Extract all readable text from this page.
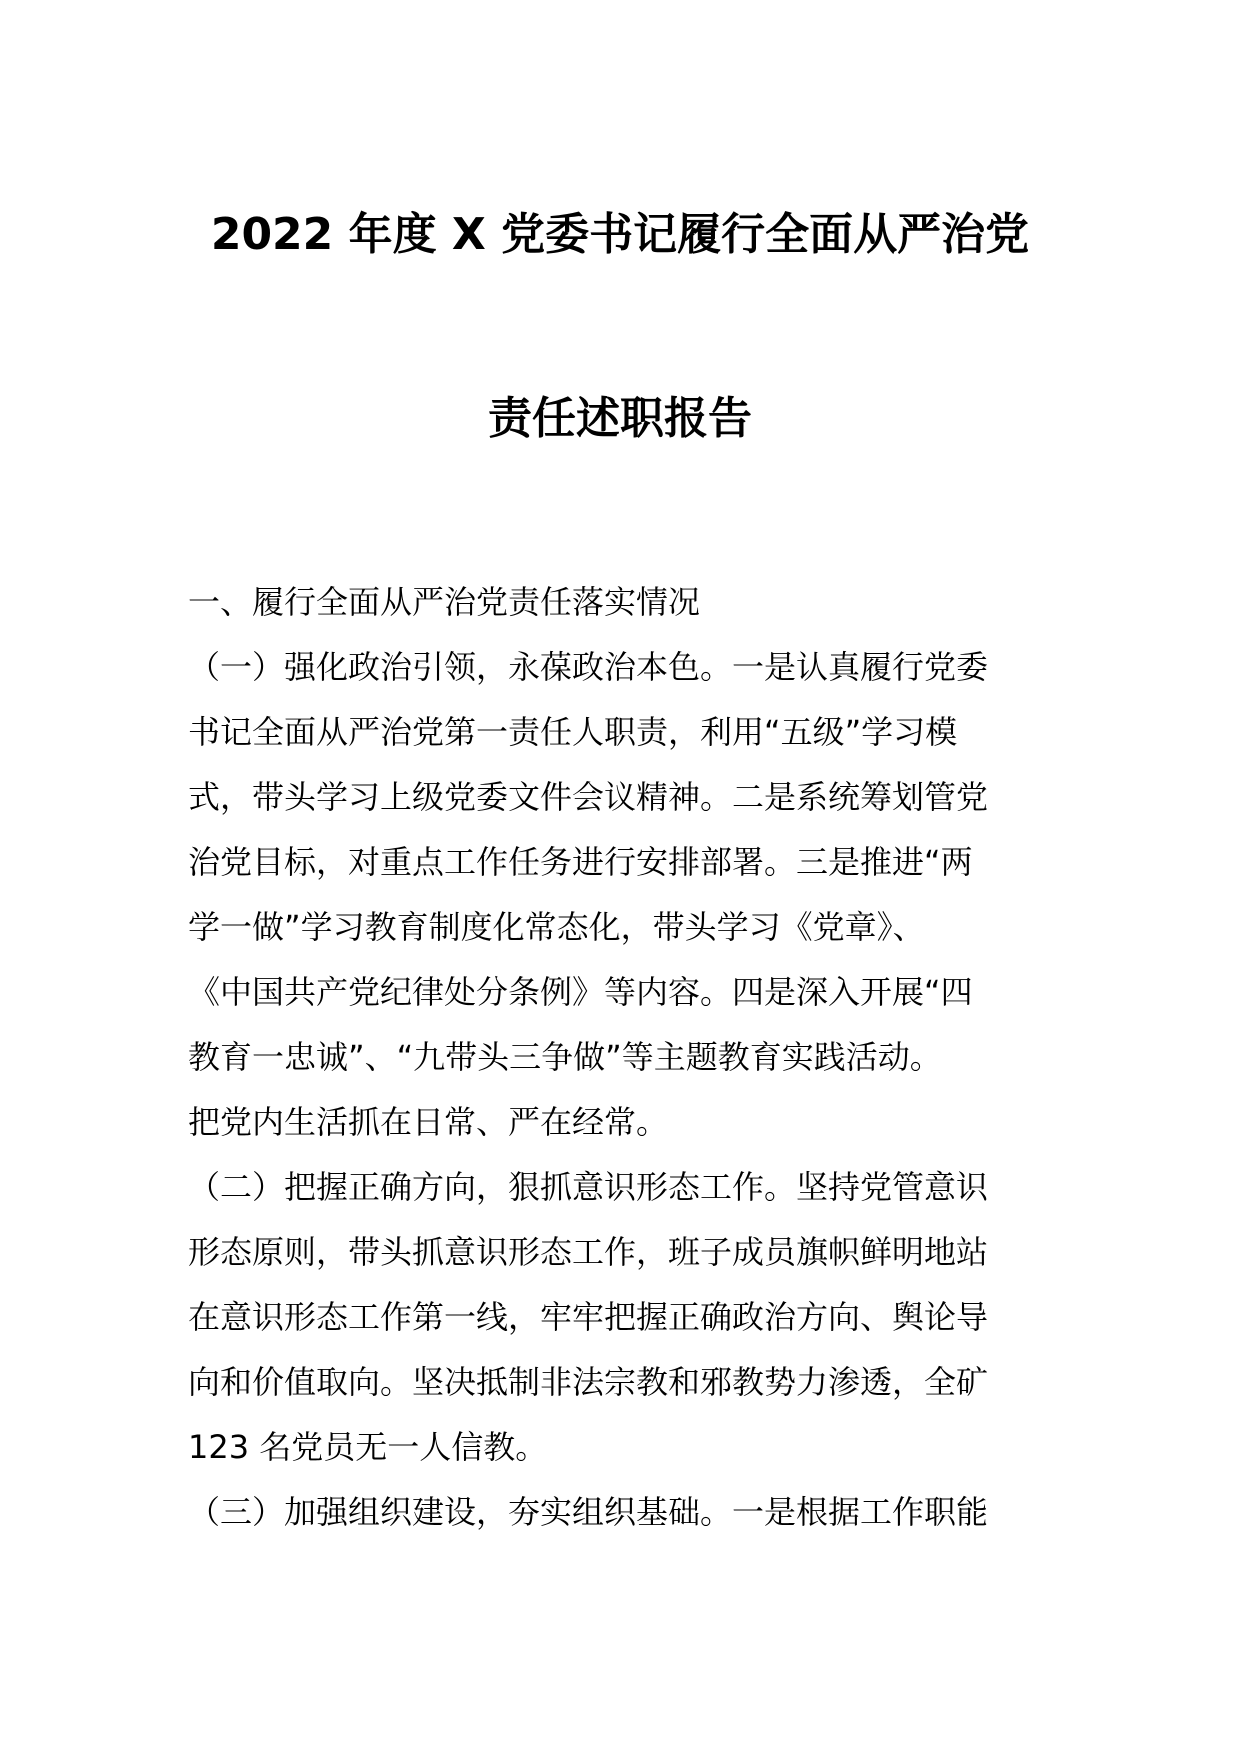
2022 年度 X 党委书记履行全面从严治党
责任述职报告
一、履行全面从严治党责任落实情况
（一）强化政治引领，永葆政治本色。一是认真履行党委
书记全面从严治党第一责任人职责，利用“五级”学习模
式，带头学习上级党委文件会议精神。二是系统筹划管党
治党目标，对重点工作任务进行安排部署。三是推进“两
学一做”学习教育制度化常态化，带头学习《党章》、
《中国共产党纪律处分条例》等内容。四是深入开展“四
教育一忠诚”、“九带头三争做”等主题教育实践活动。
把党内生活抓在日常、严在经常。
（二）把握正确方向，狠抓意识形态工作。坚持党管意识
形态原则，带头抓意识形态工作，班子成员旗帜鲜明地站
在意识形态工作第一线，牢牢把握正确政治方向、舆论导
向和价值取向。坚决抵制非法宗教和邪教势力渗透，全矿
123 名党员无一人信教。
（三）加强组织建设，夯实组织基础。一是根据工作职能
